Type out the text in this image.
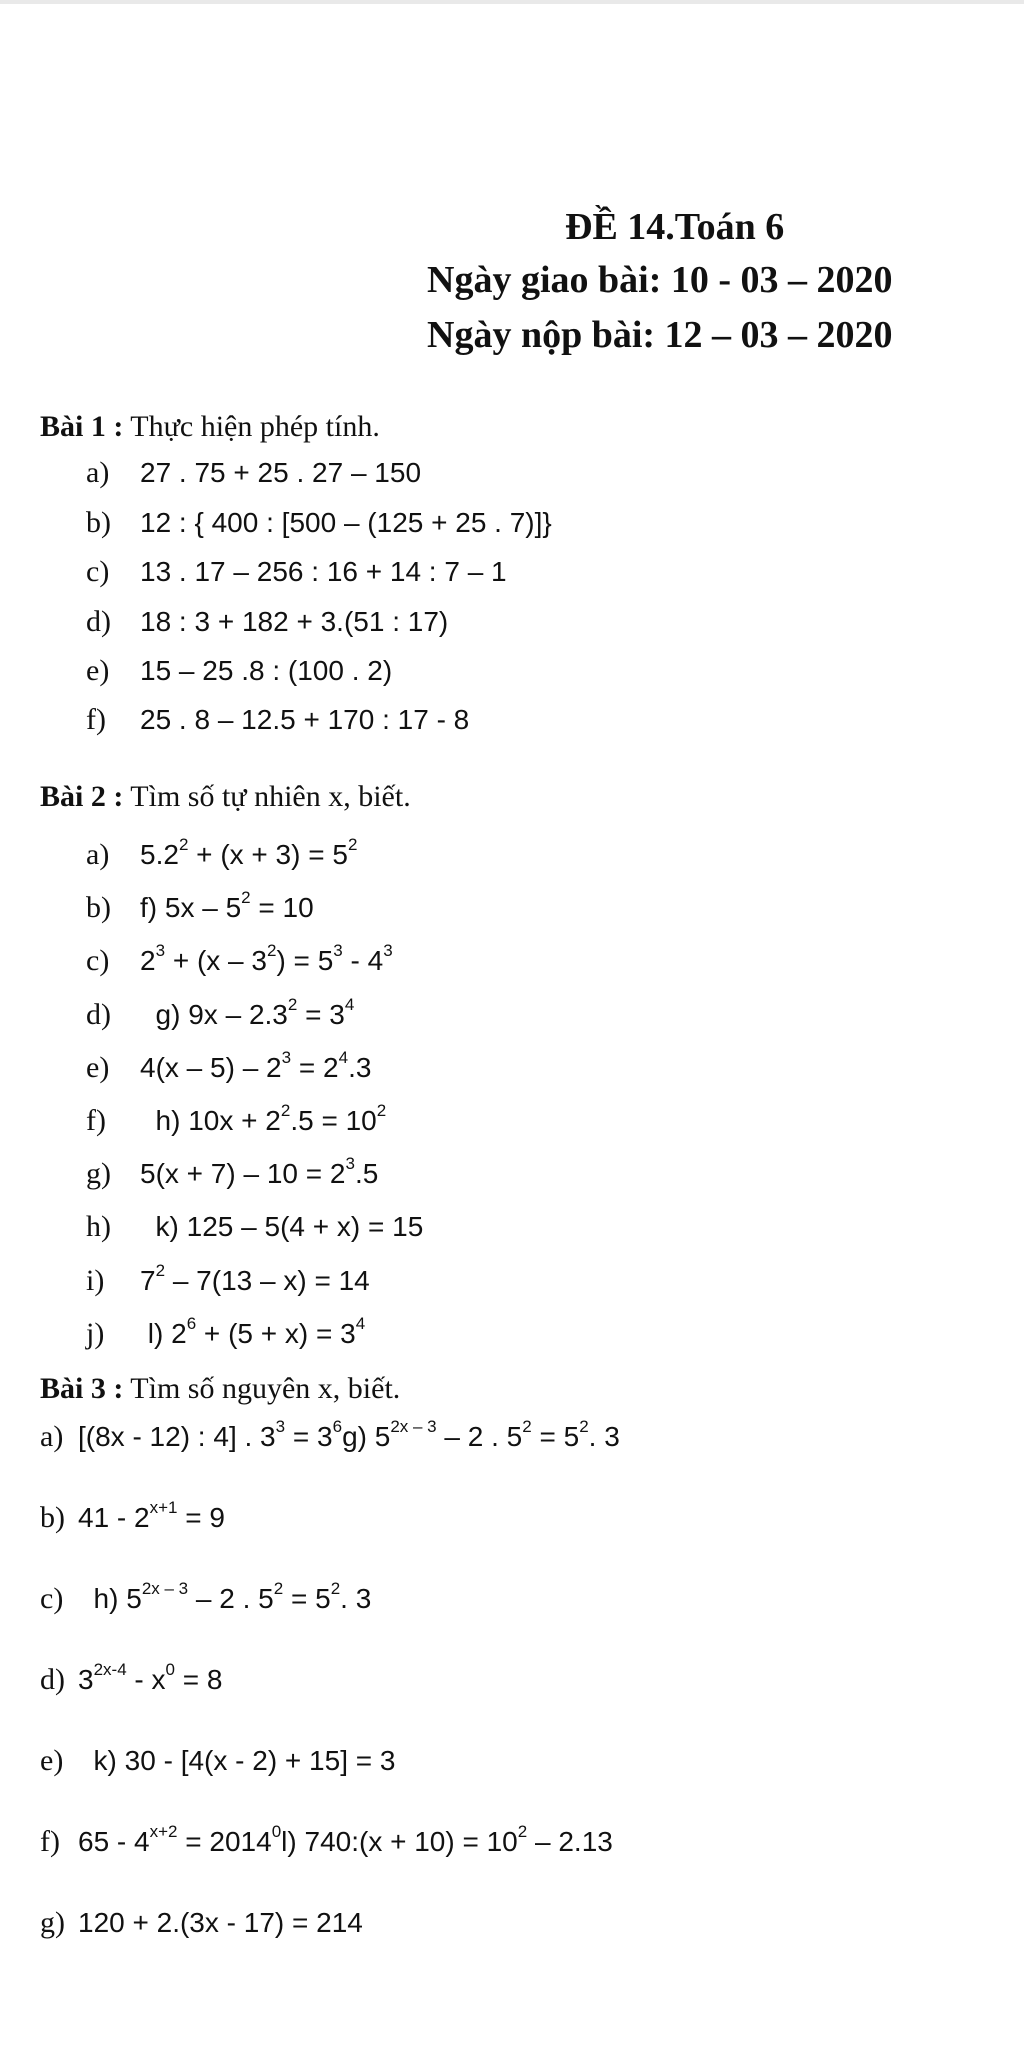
ĐỀ 14.Toán 6
Ngày giao bài: 10 - 03 – 2020
Ngày nộp bài: 12 – 03 – 2020
Bài 1 : Thực hiện phép tính.
a) 27 . 75 + 25 . 27 – 150
b) 12 : { 400 : [500 – (125 + 25 . 7)]}
c) 13 . 17 – 256 : 16 + 14 : 7 – 1
d) 18 : 3 + 182 + 3.(51 : 17)
e) 15 – 25 .8 : (100 . 2)
f) 25 . 8 – 12.5 + 170 : 17 - 8
Bài 2 : Tìm số tự nhiên x, biết.
a) $5.2^2 + (x + 3) = 5^2$
b) f) $5x - 5^2 = 10$
c) $2^3 + (x - 3^2) = 5^3 - 4^3$
d)  g) $9x - 2.3^2 = 3^4$
e) $4(x - 5) - 2^3 = 2^4.3$
f)  h) $10x + 2^2.5 = 10^2$
g) $5(x + 7) - 10 = 2^3.5$
h)  k) 125 – 5(4 + x) = 15
i) $7^2 - 7(13 - x) = 14$
j) l) $2^6 + (5 + x) = 3^4$
Bài 3 : Tìm số nguyên x, biết.
a) [(8x - 12) : 4] . $3^3 = 3^6g$) $5^{2x - 3} - 2$ . $5^2 = 5^2$. 3
b) $41 - 2^{x+1} = 9$
c)  h) $5^{2x - 3} - 2$ . $5^2 = 5^2$. 3
d) $3^{2x-4} - x^0 = 8$
e)  k) 30 - [4(x - 2) + 15] = 3
f) $65 - 4^{x+2} = 2014^0l$) 740:(x + $10) = 10^2 - 2.13$
g) 120 + 2.(3x - 17) = 214
